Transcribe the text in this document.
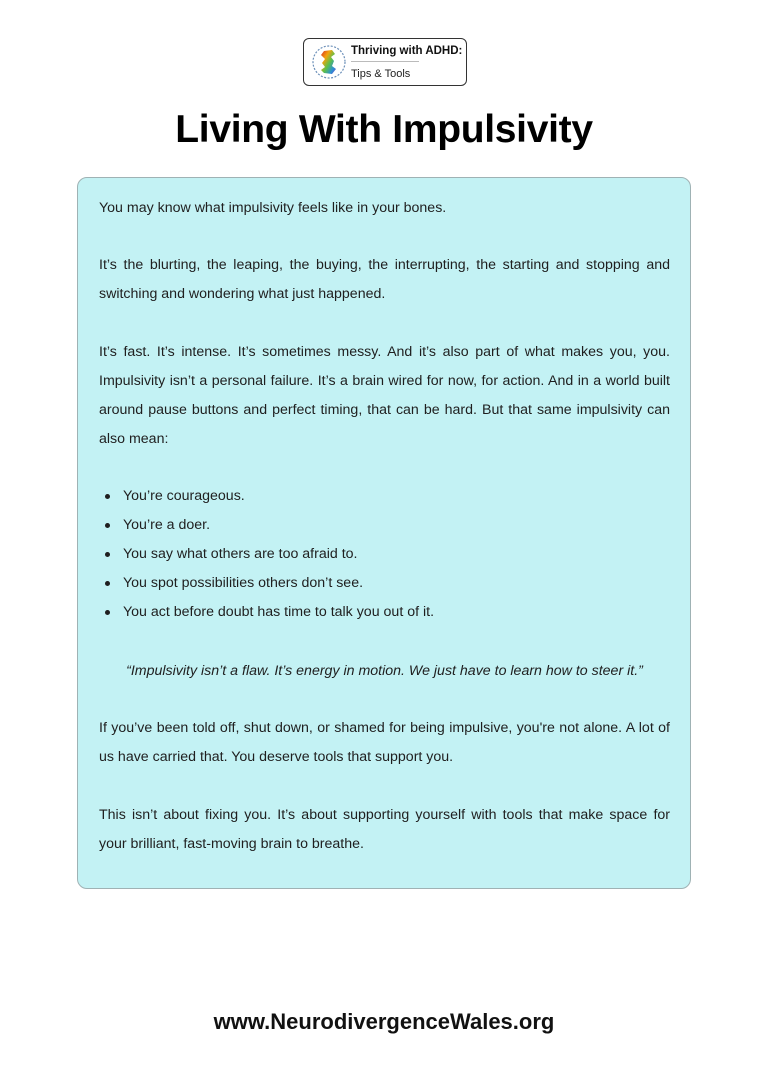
Thriving with ADHD:
Tips & Tools
Living With Impulsivity

You may know what impulsivity feels like in your bones.

It’s the blurting, the leaping, the buying, the interrupting, the starting and stopping and switching and wondering what just happened.

It’s fast. It’s intense. It’s sometimes messy. And it’s also part of what makes you, you. Impulsivity isn’t a personal failure. It’s a brain wired for now, for action. And in a world built around pause buttons and perfect timing, that can be hard. But that same impulsivity can also mean:

You’re courageous.
You’re a doer.
You say what others are too afraid to.
You spot possibilities others don’t see.
You act before doubt has time to talk you out of it.

“Impulsivity isn’t a flaw. It’s energy in motion. We just have to learn how to steer it.”

If you’ve been told off, shut down, or shamed for being impulsive, you're not alone. A lot of us have carried that. You deserve tools that support you.

This isn’t about fixing you. It’s about supporting yourself with tools that make space for your brilliant, fast-moving brain to breathe.

www.NeurodivergenceWales.org
